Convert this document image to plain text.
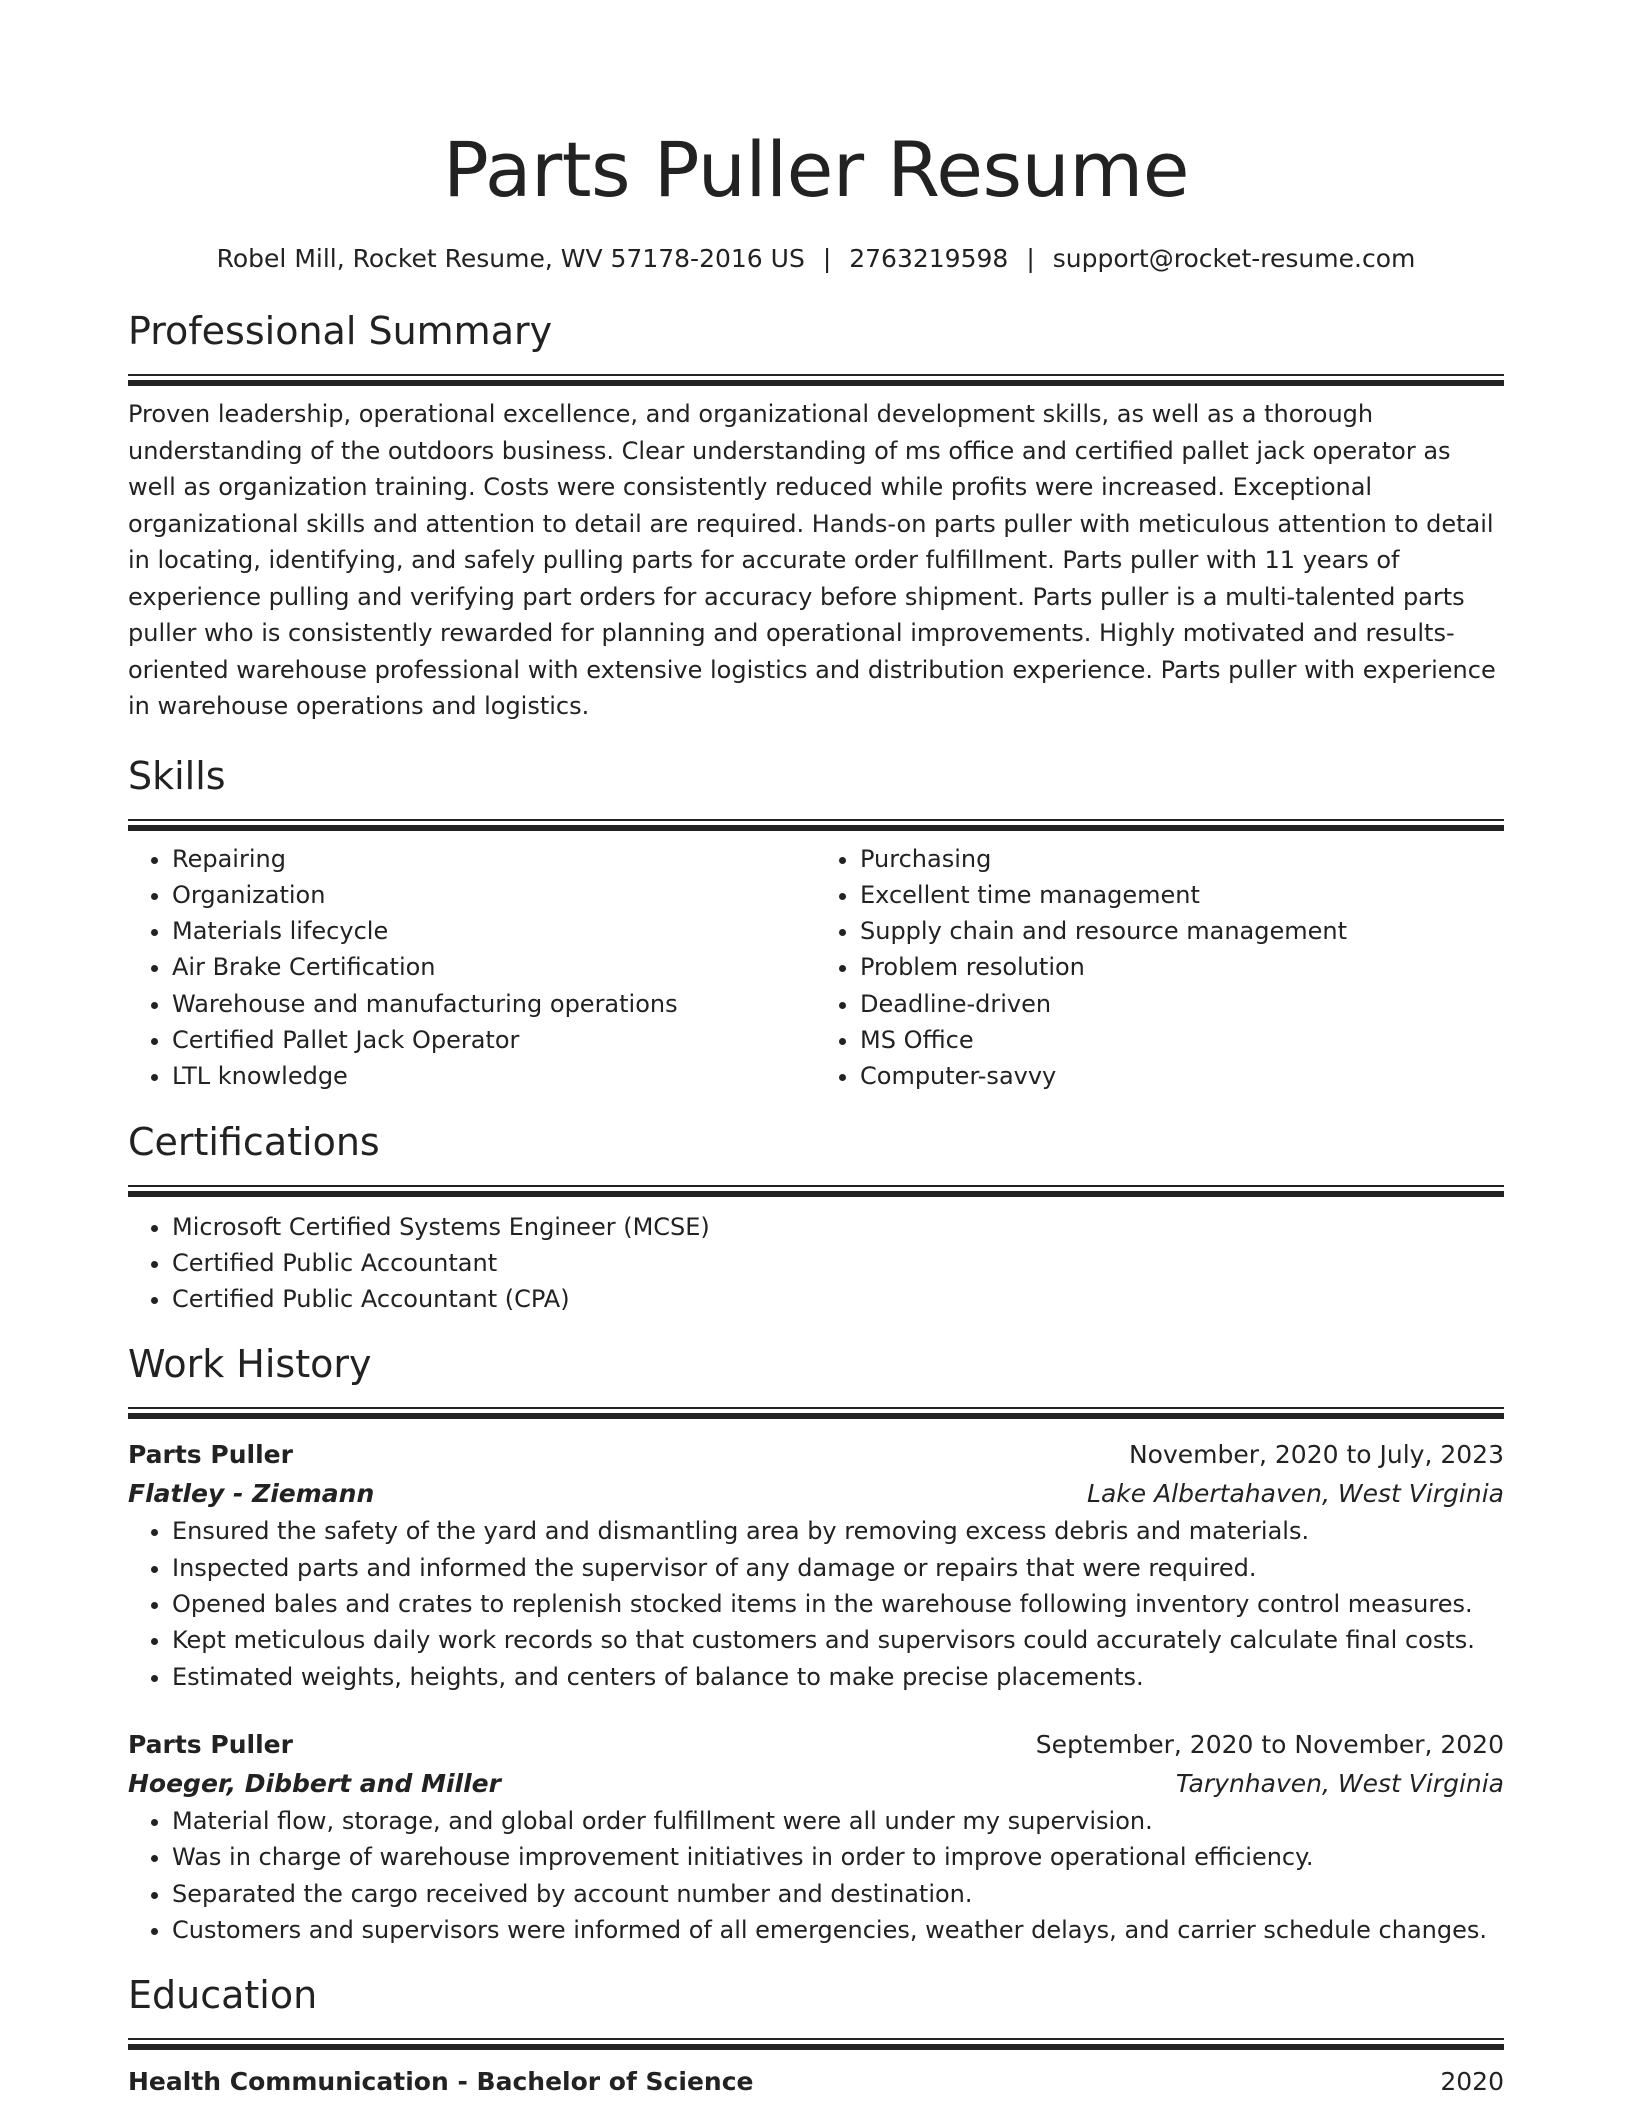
Parts Puller Resume
Robel Mill, Rocket Resume, WV 57178-2016 US | 2763219598 | support@rocket-resume.com
Professional Summary

Proven leadership, operational excellence, and organizational development skills, as well as a thorough understanding of the outdoors business. Clear understanding of ms office and certified pallet jack operator as well as organization training. Costs were consistently reduced while profits were increased. Exceptional organizational skills and attention to detail are required. Hands-on parts puller with meticulous attention to detail in locating, identifying, and safely pulling parts for accurate order fulfillment. Parts puller with 11 years of experience pulling and verifying part orders for accuracy before shipment. Parts puller is a multi-talented parts puller who is consistently rewarded for planning and operational improvements. Highly motivated and results-oriented warehouse professional with extensive logistics and distribution experience. Parts puller with experience in warehouse operations and logistics.

Skills
• Repairing
• Organization
• Materials lifecycle
• Air Brake Certification
• Warehouse and manufacturing operations
• Certified Pallet Jack Operator
• LTL knowledge
• Purchasing
• Excellent time management
• Supply chain and resource management
• Problem resolution
• Deadline-driven
• MS Office
• Computer-savvy
Certifications
• Microsoft Certified Systems Engineer (MCSE)
• Certified Public Accountant
• Certified Public Accountant (CPA)
Work History
Parts Puller	November, 2020 to July, 2023
Flatley - Ziemann	Lake Albertahaven, West Virginia
• Ensured the safety of the yard and dismantling area by removing excess debris and materials.
• Inspected parts and informed the supervisor of any damage or repairs that were required.
• Opened bales and crates to replenish stocked items in the warehouse following inventory control measures.
• Kept meticulous daily work records so that customers and supervisors could accurately calculate final costs.
• Estimated weights, heights, and centers of balance to make precise placements.
Parts Puller	September, 2020 to November, 2020
Hoeger, Dibbert and Miller	Tarynhaven, West Virginia
• Material flow, storage, and global order fulfillment were all under my supervision.
• Was in charge of warehouse improvement initiatives in order to improve operational efficiency.
• Separated the cargo received by account number and destination.
• Customers and supervisors were informed of all emergencies, weather delays, and carrier schedule changes.
Education
Health Communication - Bachelor of Science	2020
